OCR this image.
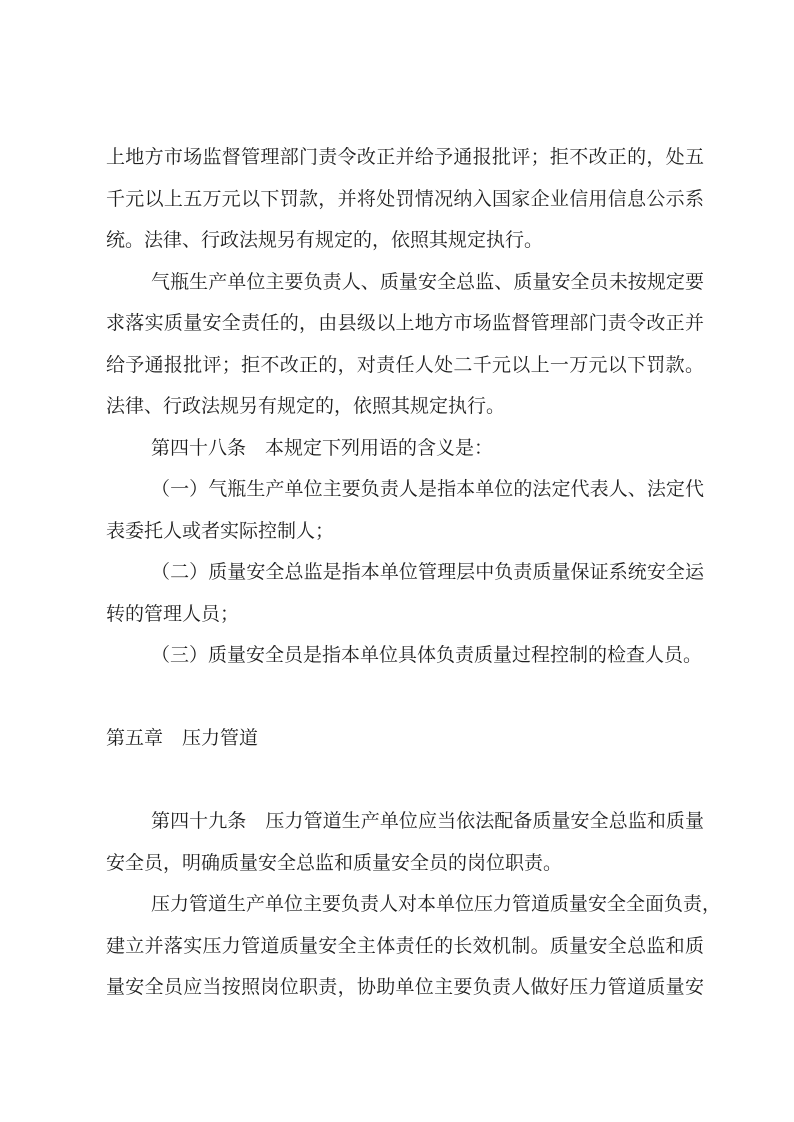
上地方市场监督管理部门责令改正并给予通报批评；拒不改正的，处五
千元以上五万元以下罚款，并将处罚情况纳入国家企业信用信息公示系
统。法律、行政法规另有规定的，依照其规定执行。
气瓶生产单位主要负责人、质量安全总监、质量安全员未按规定要
求落实质量安全责任的，由县级以上地方市场监督管理部门责令改正并
给予通报批评；拒不改正的，对责任人处二千元以上一万元以下罚款。
法律、行政法规另有规定的，依照其规定执行。
第四十八条　本规定下列用语的含义是：
（一）气瓶生产单位主要负责人是指本单位的法定代表人、法定代
表委托人或者实际控制人；
（二）质量安全总监是指本单位管理层中负责质量保证系统安全运
转的管理人员；
（三）质量安全员是指本单位具体负责质量过程控制的检查人员。
第五章　压力管道
第四十九条　压力管道生产单位应当依法配备质量安全总监和质量
安全员，明确质量安全总监和质量安全员的岗位职责。
压力管道生产单位主要负责人对本单位压力管道质量安全全面负责，
建立并落实压力管道质量安全主体责任的长效机制。质量安全总监和质
量安全员应当按照岗位职责，协助单位主要负责人做好压力管道质量安
